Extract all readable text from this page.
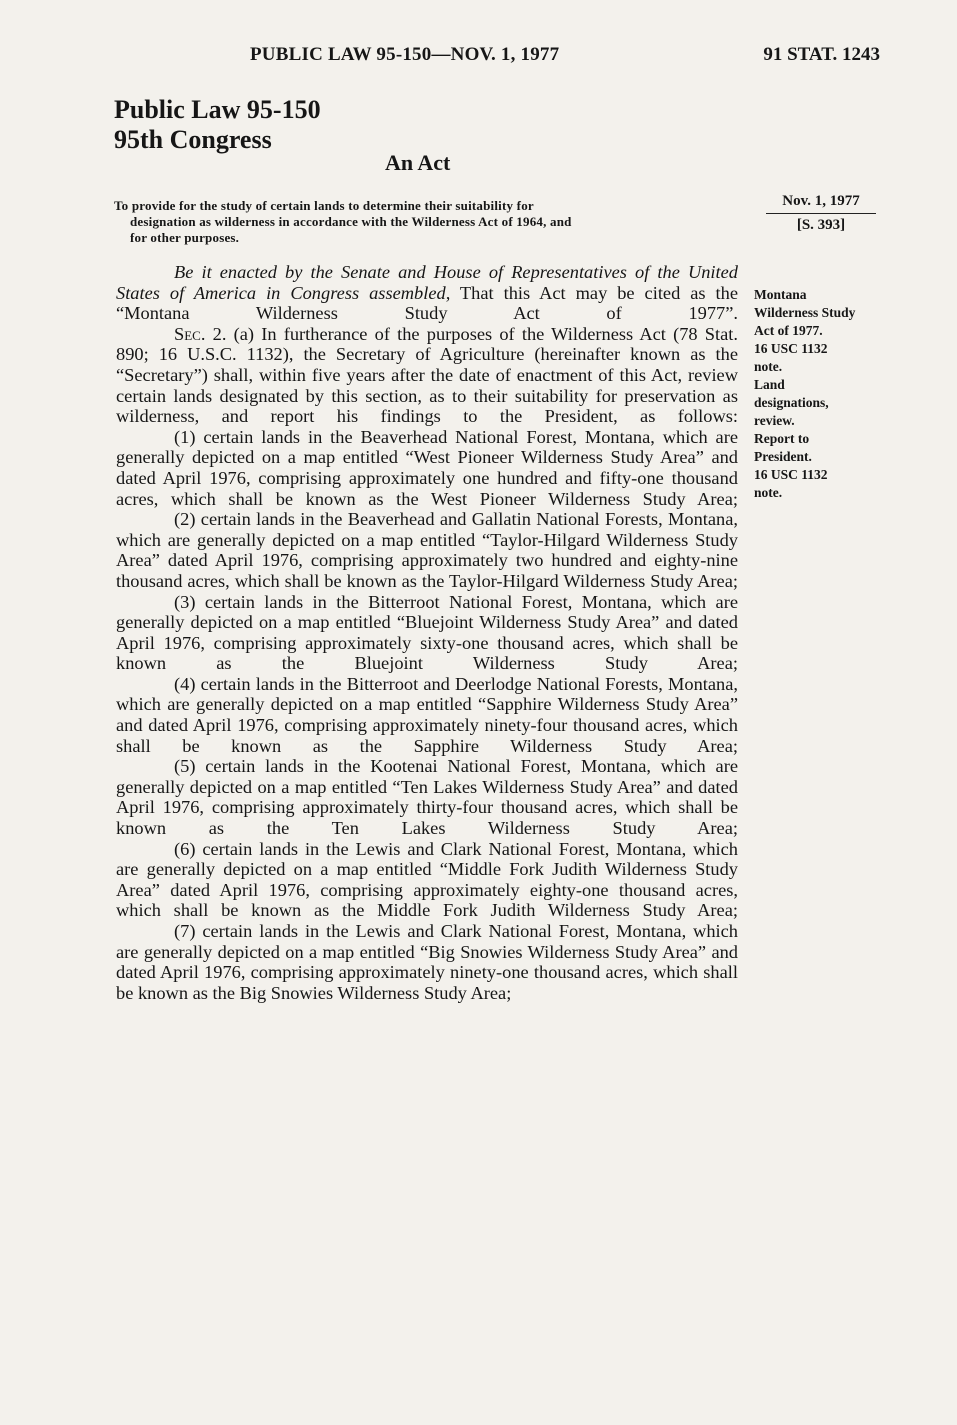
PUBLIC LAW 95-150—NOV. 1, 1977	91 STAT. 1243
Public Law 95-150
95th Congress
An Act
To provide for the study of certain lands to determine their suitability for
designation as wilderness in accordance with the Wilderness Act of 1964, and
for other purposes.
Nov. 1, 1977
[S. 393]
Montana
Wilderness Study
Act of 1977.
16 USC 1132
note.
Land
designations,
review.
Report to
President.
16 USC 1132
note.

Be it enacted by the Senate and House of Representatives of the United States of America in Congress assembled, That this Act may be cited as the “Montana Wilderness Study Act of 1977”.

Sec. 2. (a) In furtherance of the purposes of the Wilderness Act (78 Stat. 890; 16 U.S.C. 1132), the Secretary of Agriculture (hereinafter known as the “Secretary”) shall, within five years after the date of enactment of this Act, review certain lands designated by this section, as to their suitability for preservation as wilderness, and report his findings to the President, as follows:

(1) certain lands in the Beaverhead National Forest, Montana, which are generally depicted on a map entitled “West Pioneer Wilderness Study Area” and dated April 1976, comprising approximately one hundred and fifty-one thousand acres, which shall be known as the West Pioneer Wilderness Study Area;

(2) certain lands in the Beaverhead and Gallatin National Forests, Montana, which are generally depicted on a map entitled “Taylor-Hilgard Wilderness Study Area” dated April 1976, comprising approximately two hundred and eighty-nine thousand acres, which shall be known as the Taylor-Hilgard Wilderness Study Area;

(3) certain lands in the Bitterroot National Forest, Montana, which are generally depicted on a map entitled “Bluejoint Wilderness Study Area” and dated April 1976, comprising approximately sixty-one thousand acres, which shall be known as the Bluejoint Wilderness Study Area;

(4) certain lands in the Bitterroot and Deerlodge National Forests, Montana, which are generally depicted on a map entitled “Sapphire Wilderness Study Area” and dated April 1976, comprising approximately ninety-four thousand acres, which shall be known as the Sapphire Wilderness Study Area;

(5) certain lands in the Kootenai National Forest, Montana, which are generally depicted on a map entitled “Ten Lakes Wilderness Study Area” and dated April 1976, comprising approximately thirty-four thousand acres, which shall be known as the Ten Lakes Wilderness Study Area;

(6) certain lands in the Lewis and Clark National Forest, Montana, which are generally depicted on a map entitled “Middle Fork Judith Wilderness Study Area” dated April 1976, comprising approximately eighty-one thousand acres, which shall be known as the Middle Fork Judith Wilderness Study Area;

(7) certain lands in the Lewis and Clark National Forest, Montana, which are generally depicted on a map entitled “Big Snowies Wilderness Study Area” and dated April 1976, comprising approximately ninety-one thousand acres, which shall be known as the Big Snowies Wilderness Study Area;
